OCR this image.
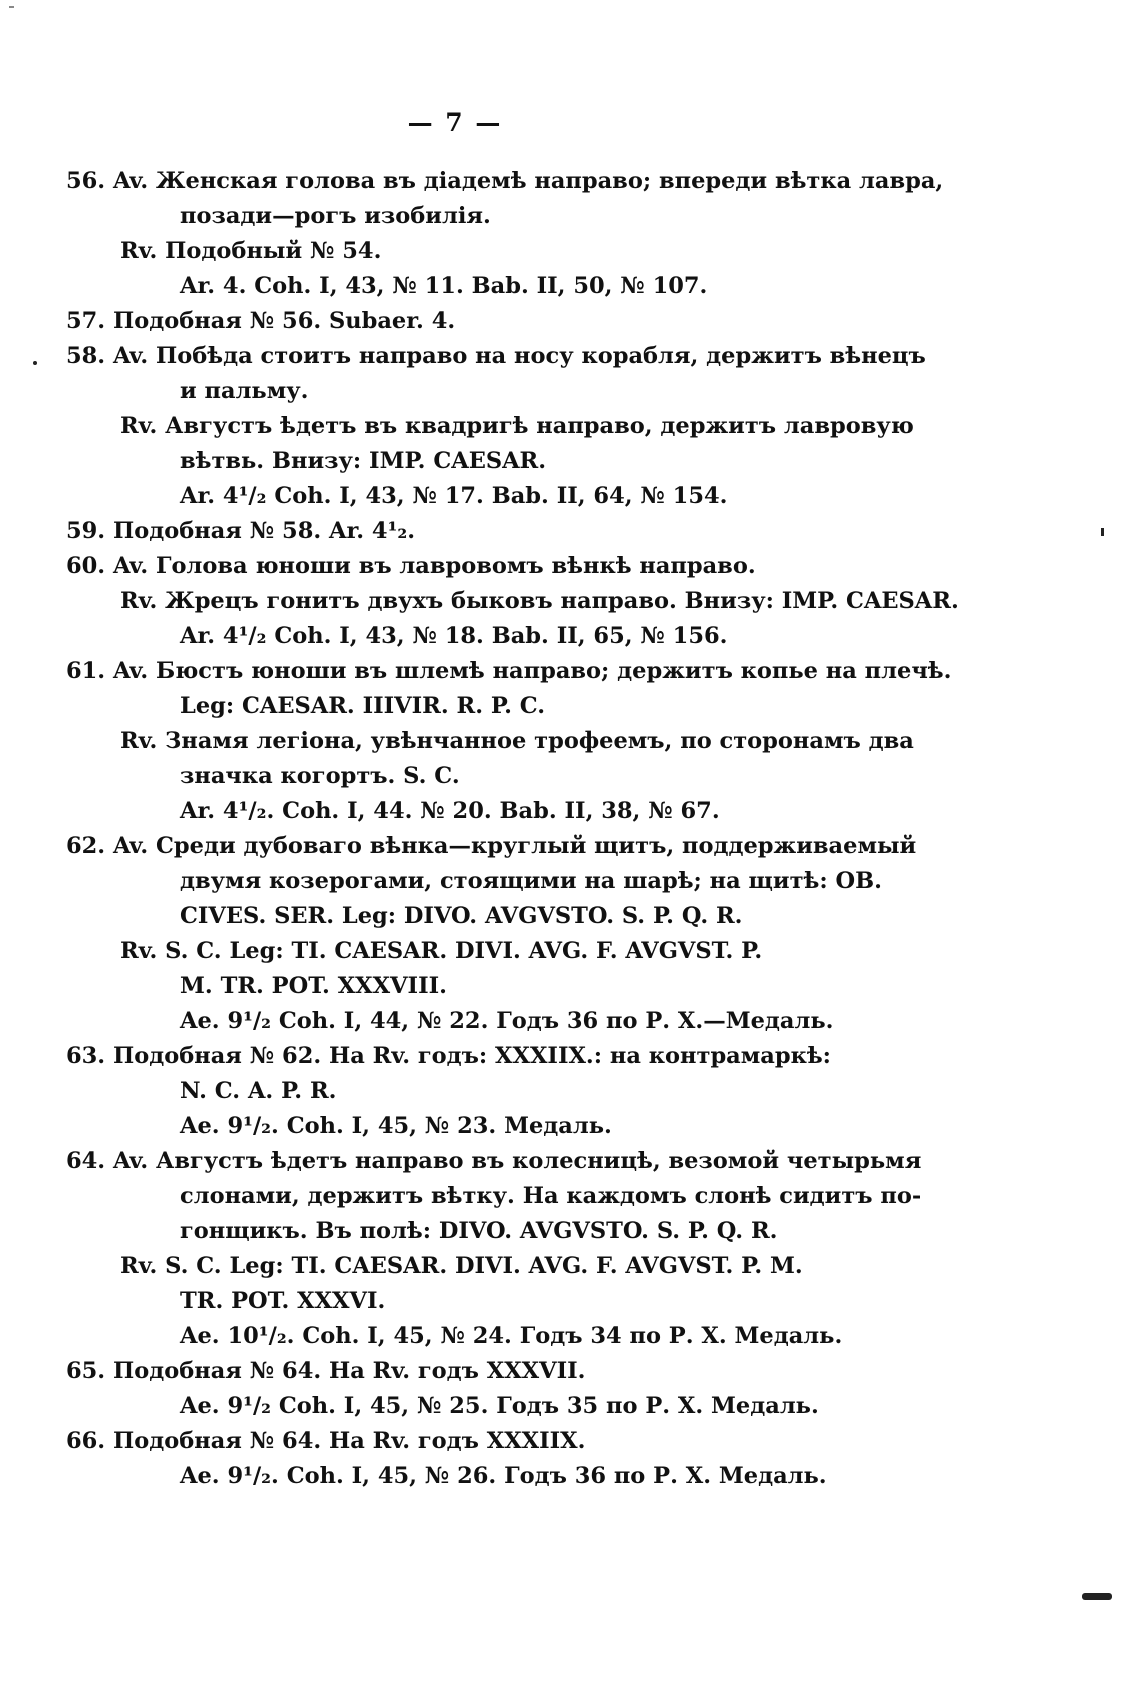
— 7 —
56. Av. Женская голова въ діадемѣ направо; впереди вѣтка лавра,
позади—рогъ изобилія.
Rv. Подобный № 54.
Ar. 4. Coh. I, 43, № 11. Bab. II, 50, № 107.
57. Подобная № 56. Subaer. 4.
58. Av. Побѣда стоитъ направо на носу корабля, держитъ вѣнецъ
и пальму.
Rv. Августъ ѣдетъ въ квадригѣ направо, держитъ лавровую
вѣтвь. Внизу: IMP. CAESAR.
Ar. 4¹/₂ Coh. I, 43, № 17. Bab. II, 64, № 154.
59. Подобная № 58. Ar. 4¹₂.
60. Av. Голова юноши въ лавровомъ вѣнкѣ направо.
Rv. Жрецъ гонитъ двухъ быковъ направо. Внизу: IMP. CAESAR.
Ar. 4¹/₂ Coh. I, 43, № 18. Bab. II, 65, № 156.
61. Av. Бюстъ юноши въ шлемѣ направо; держитъ копье на плечѣ.
Leg: CAESAR. IIIVIR. R. P. C.
Rv. Знамя легіона, увѣнчанное трофеемъ, по сторонамъ два
значка когортъ. S. C.
Ar. 4¹/₂. Coh. I, 44. № 20. Bab. II, 38, № 67.
62. Av. Среди дубоваго вѣнка—круглый щитъ, поддерживаемый
двумя козерогами, стоящими на шарѣ; на щитѣ: OB.
CIVES. SER. Leg: DIVO. AVGVSTO. S. P. Q. R.
Rv. S. C. Leg: TI. CAESAR. DIVI. AVG. F. AVGVST. P.
M. TR. POT. XXXVIII.
Ae. 9¹/₂ Coh. I, 44, № 22. Годъ 36 по Р. Х.—Медаль.
63. Подобная № 62. На Rv. годъ: XXXIIX.: на контрамаркѣ:
N. C. A. P. R.
Ae. 9¹/₂. Coh. I, 45, № 23. Медаль.
64. Av. Августъ ѣдетъ направо въ колесницѣ, везомой четырьмя
слонами, держитъ вѣтку. На каждомъ слонѣ сидитъ по-
гонщикъ. Въ полѣ: DIVO. AVGVSTO. S. P. Q. R.
Rv. S. C. Leg: TI. CAESAR. DIVI. AVG. F. AVGVST. P. M.
TR. POT. XXXVI.
Ae. 10¹/₂. Coh. I, 45, № 24. Годъ 34 по Р. Х. Медаль.
65. Подобная № 64. На Rv. годъ XXXVII.
Ae. 9¹/₂ Coh. I, 45, № 25. Годъ 35 по Р. Х. Медаль.
66. Подобная № 64. На Rv. годъ XXXIIX.
Ae. 9¹/₂. Coh. I, 45, № 26. Годъ 36 по Р. Х. Медаль.
